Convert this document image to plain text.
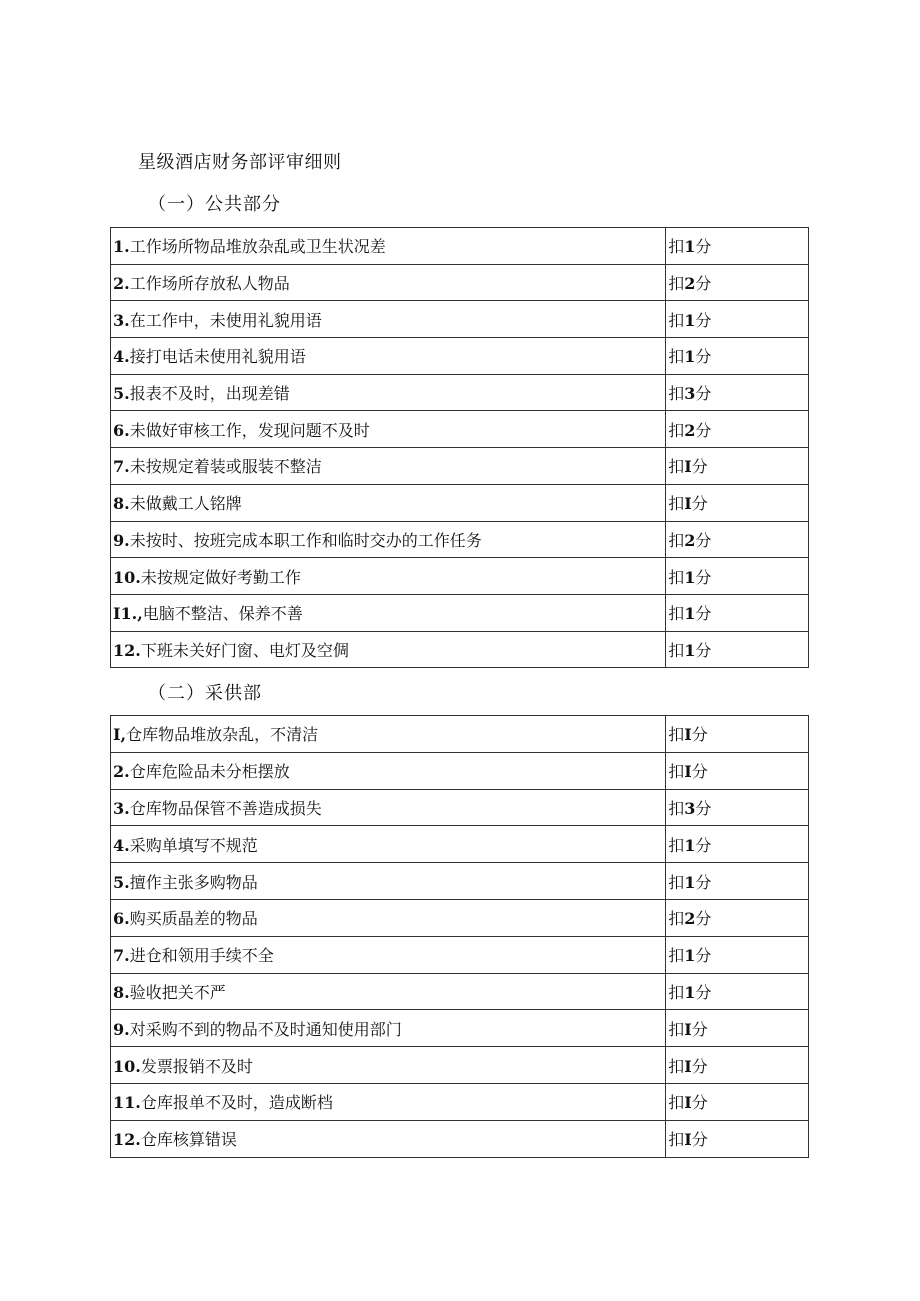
星级酒店财务部评审细则
（一）公共部分
1.工作场所物品堆放杂乱或卫生状况差	扣1分
2.工作场所存放私人物品	扣2分
3.在工作中，未使用礼貌用语	扣1分
4.接打电话未使用礼貌用语	扣1分
5.报表不及时，出现差错	扣3分
6.未做好审核工作，发现问题不及时	扣2分
7.未按规定着装或服装不整洁	扣I分
8.未做戴工人铭牌	扣I分
9.未按时、按班完成本职工作和临时交办的工作任务	扣2分
10.未按规定做好考勤工作	扣1分
I1.,电脑不整洁、保养不善	扣1分
12.下班未关好门窗、电灯及空倜	扣1分
（二）采供部
I,仓库物品堆放杂乱，不清洁	扣I分
2.仓库危险品未分柜摆放	扣I分
3.仓库物品保管不善造成损失	扣3分
4.采购单填写不规范	扣1分
5.擅作主张多购物品	扣1分
6.购买质晶差的物品	扣2分
7.进仓和领用手续不全	扣1分
8.验收把关不严	扣1分
9.对采购不到的物品不及时通知使用部门	扣I分
10.发票报销不及时	扣I分
11.仓库报单不及时，造成断档	扣I分
12.仓库核算错误	扣I分
